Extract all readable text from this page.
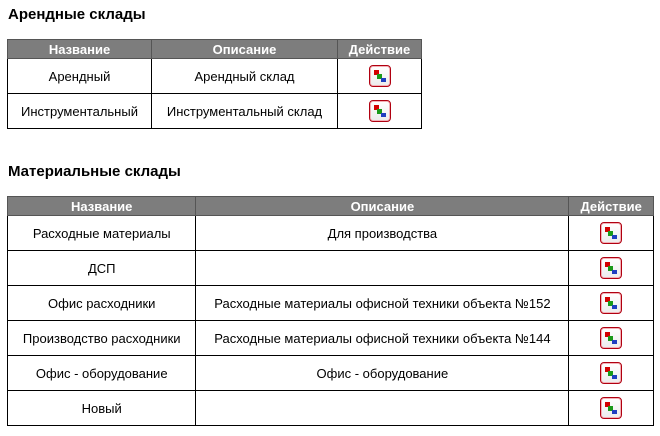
Арендные склады
Название	Описание	Действие
Арендный	Арендный склад	

Инструментальный	Инструментальный склад	
Материальные склады
Название	Описание	Действие
Расходные материалы	Для производства	

ДСП		

Офис расходники	Расходные материалы офисной техники объекта №152	

Производство расходники	Расходные материалы офисной техники объекта №144	

Офис - оборудование	Офис - оборудование	

Новый		
